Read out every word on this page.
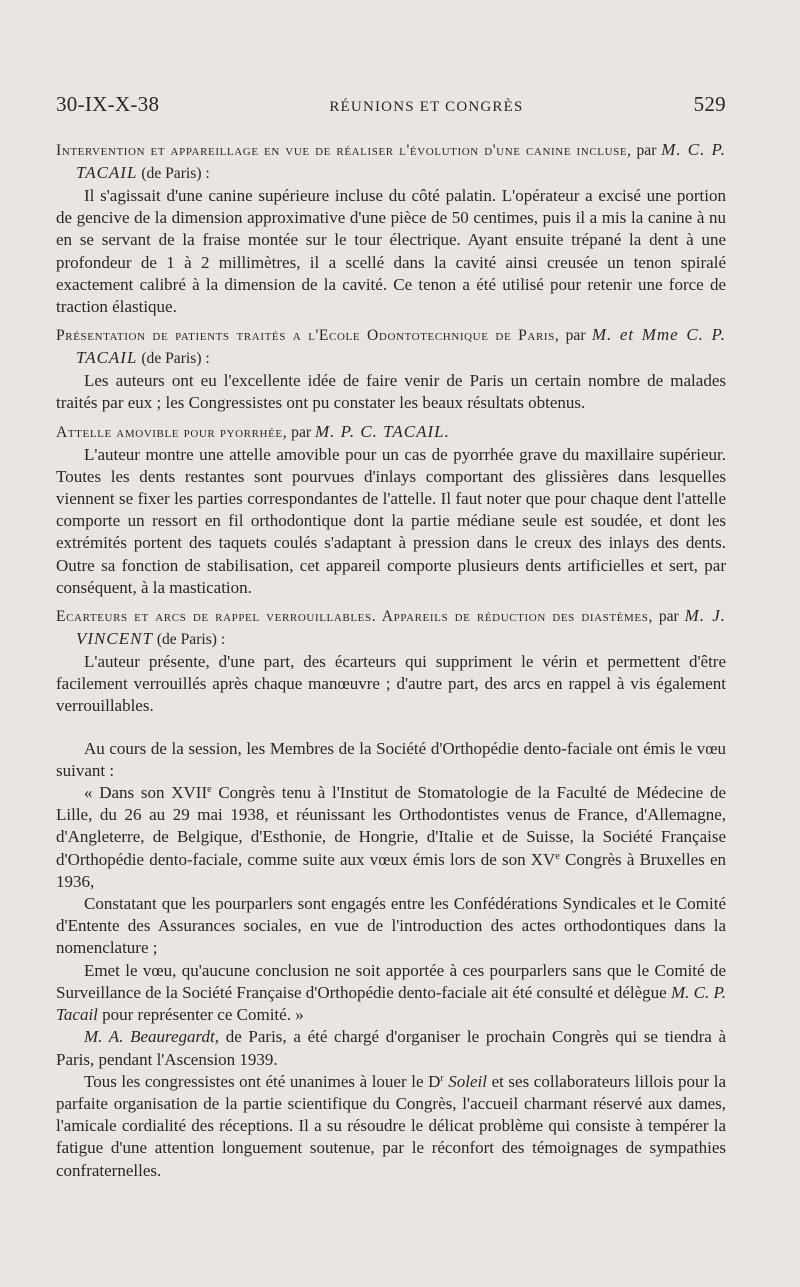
30-IX-X-38	RÉUNIONS ET CONGRÈS	529

Intervention et appareillage en vue de réaliser l'évolution d'une canine incluse, par M. C. P. TACAIL (de Paris) :

Il s'agissait d'une canine supérieure incluse du côté palatin. L'opérateur a excisé une portion de gencive de la dimension approximative d'une pièce de 50 centimes, puis il a mis la canine à nu en se servant de la fraise montée sur le tour électrique. Ayant ensuite trépané la dent à une profondeur de 1 à 2 millimètres, il a scellé dans la cavité ainsi creusée un tenon spiralé exactement calibré à la dimension de la cavité. Ce tenon a été utilisé pour retenir une force de traction élastique.

Présentation de patients traités a l'Ecole Odontotechnique de Paris, par M. et Mme C. P. TACAIL (de Paris) :

Les auteurs ont eu l'excellente idée de faire venir de Paris un certain nombre de malades traités par eux ; les Congressistes ont pu constater les beaux résultats obtenus.

Attelle amovible pour pyorrhée, par M. P. C. TACAIL.

L'auteur montre une attelle amovible pour un cas de pyorrhée grave du maxillaire supérieur. Toutes les dents restantes sont pourvues d'inlays comportant des glissières dans lesquelles viennent se fixer les parties correspondantes de l'attelle. Il faut noter que pour chaque dent l'attelle comporte un ressort en fil orthodontique dont la partie médiane seule est soudée, et dont les extrémités portent des taquets coulés s'adaptant à pression dans le creux des inlays des dents. Outre sa fonction de stabilisation, cet appareil comporte plusieurs dents artificielles et sert, par conséquent, à la mastication.

Ecarteurs et arcs de rappel verrouillables. Appareils de réduction des diastèmes, par M. J. VINCENT (de Paris) :

L'auteur présente, d'une part, des écarteurs qui suppriment le vérin et permettent d'être facilement verrouillés après chaque manœuvre ; d'autre part, des arcs en rappel à vis également verrouillables.

Au cours de la session, les Membres de la Société d'Orthopédie dento-faciale ont émis le vœu suivant :

« Dans son XVIIe Congrès tenu à l'Institut de Stomatologie de la Faculté de Médecine de Lille, du 26 au 29 mai 1938, et réunissant les Orthodontistes venus de France, d'Allemagne, d'Angleterre, de Belgique, d'Esthonie, de Hongrie, d'Italie et de Suisse, la Société Française d'Orthopédie dento-faciale, comme suite aux vœux émis lors de son XVe Congrès à Bruxelles en 1936,

Constatant que les pourparlers sont engagés entre les Confédérations Syndicales et le Comité d'Entente des Assurances sociales, en vue de l'introduction des actes orthodontiques dans la nomenclature ;

Emet le vœu, qu'aucune conclusion ne soit apportée à ces pourparlers sans que le Comité de Surveillance de la Société Française d'Orthopédie dento-faciale ait été consulté et délègue M. C. P. Tacail pour représenter ce Comité. »

M. A. Beauregardt, de Paris, a été chargé d'organiser le prochain Congrès qui se tiendra à Paris, pendant l'Ascension 1939.

Tous les congressistes ont été unanimes à louer le $D^r$ Soleil et ses collaborateurs lillois pour la parfaite organisation de la partie scientifique du Congrès, l'accueil charmant réservé aux dames, l'amicale cordialité des réceptions. Il a su résoudre le délicat problème qui consiste à tempérer la fatigue d'une attention longuement soutenue, par le réconfort des témoignages de sympathies confraternelles.
